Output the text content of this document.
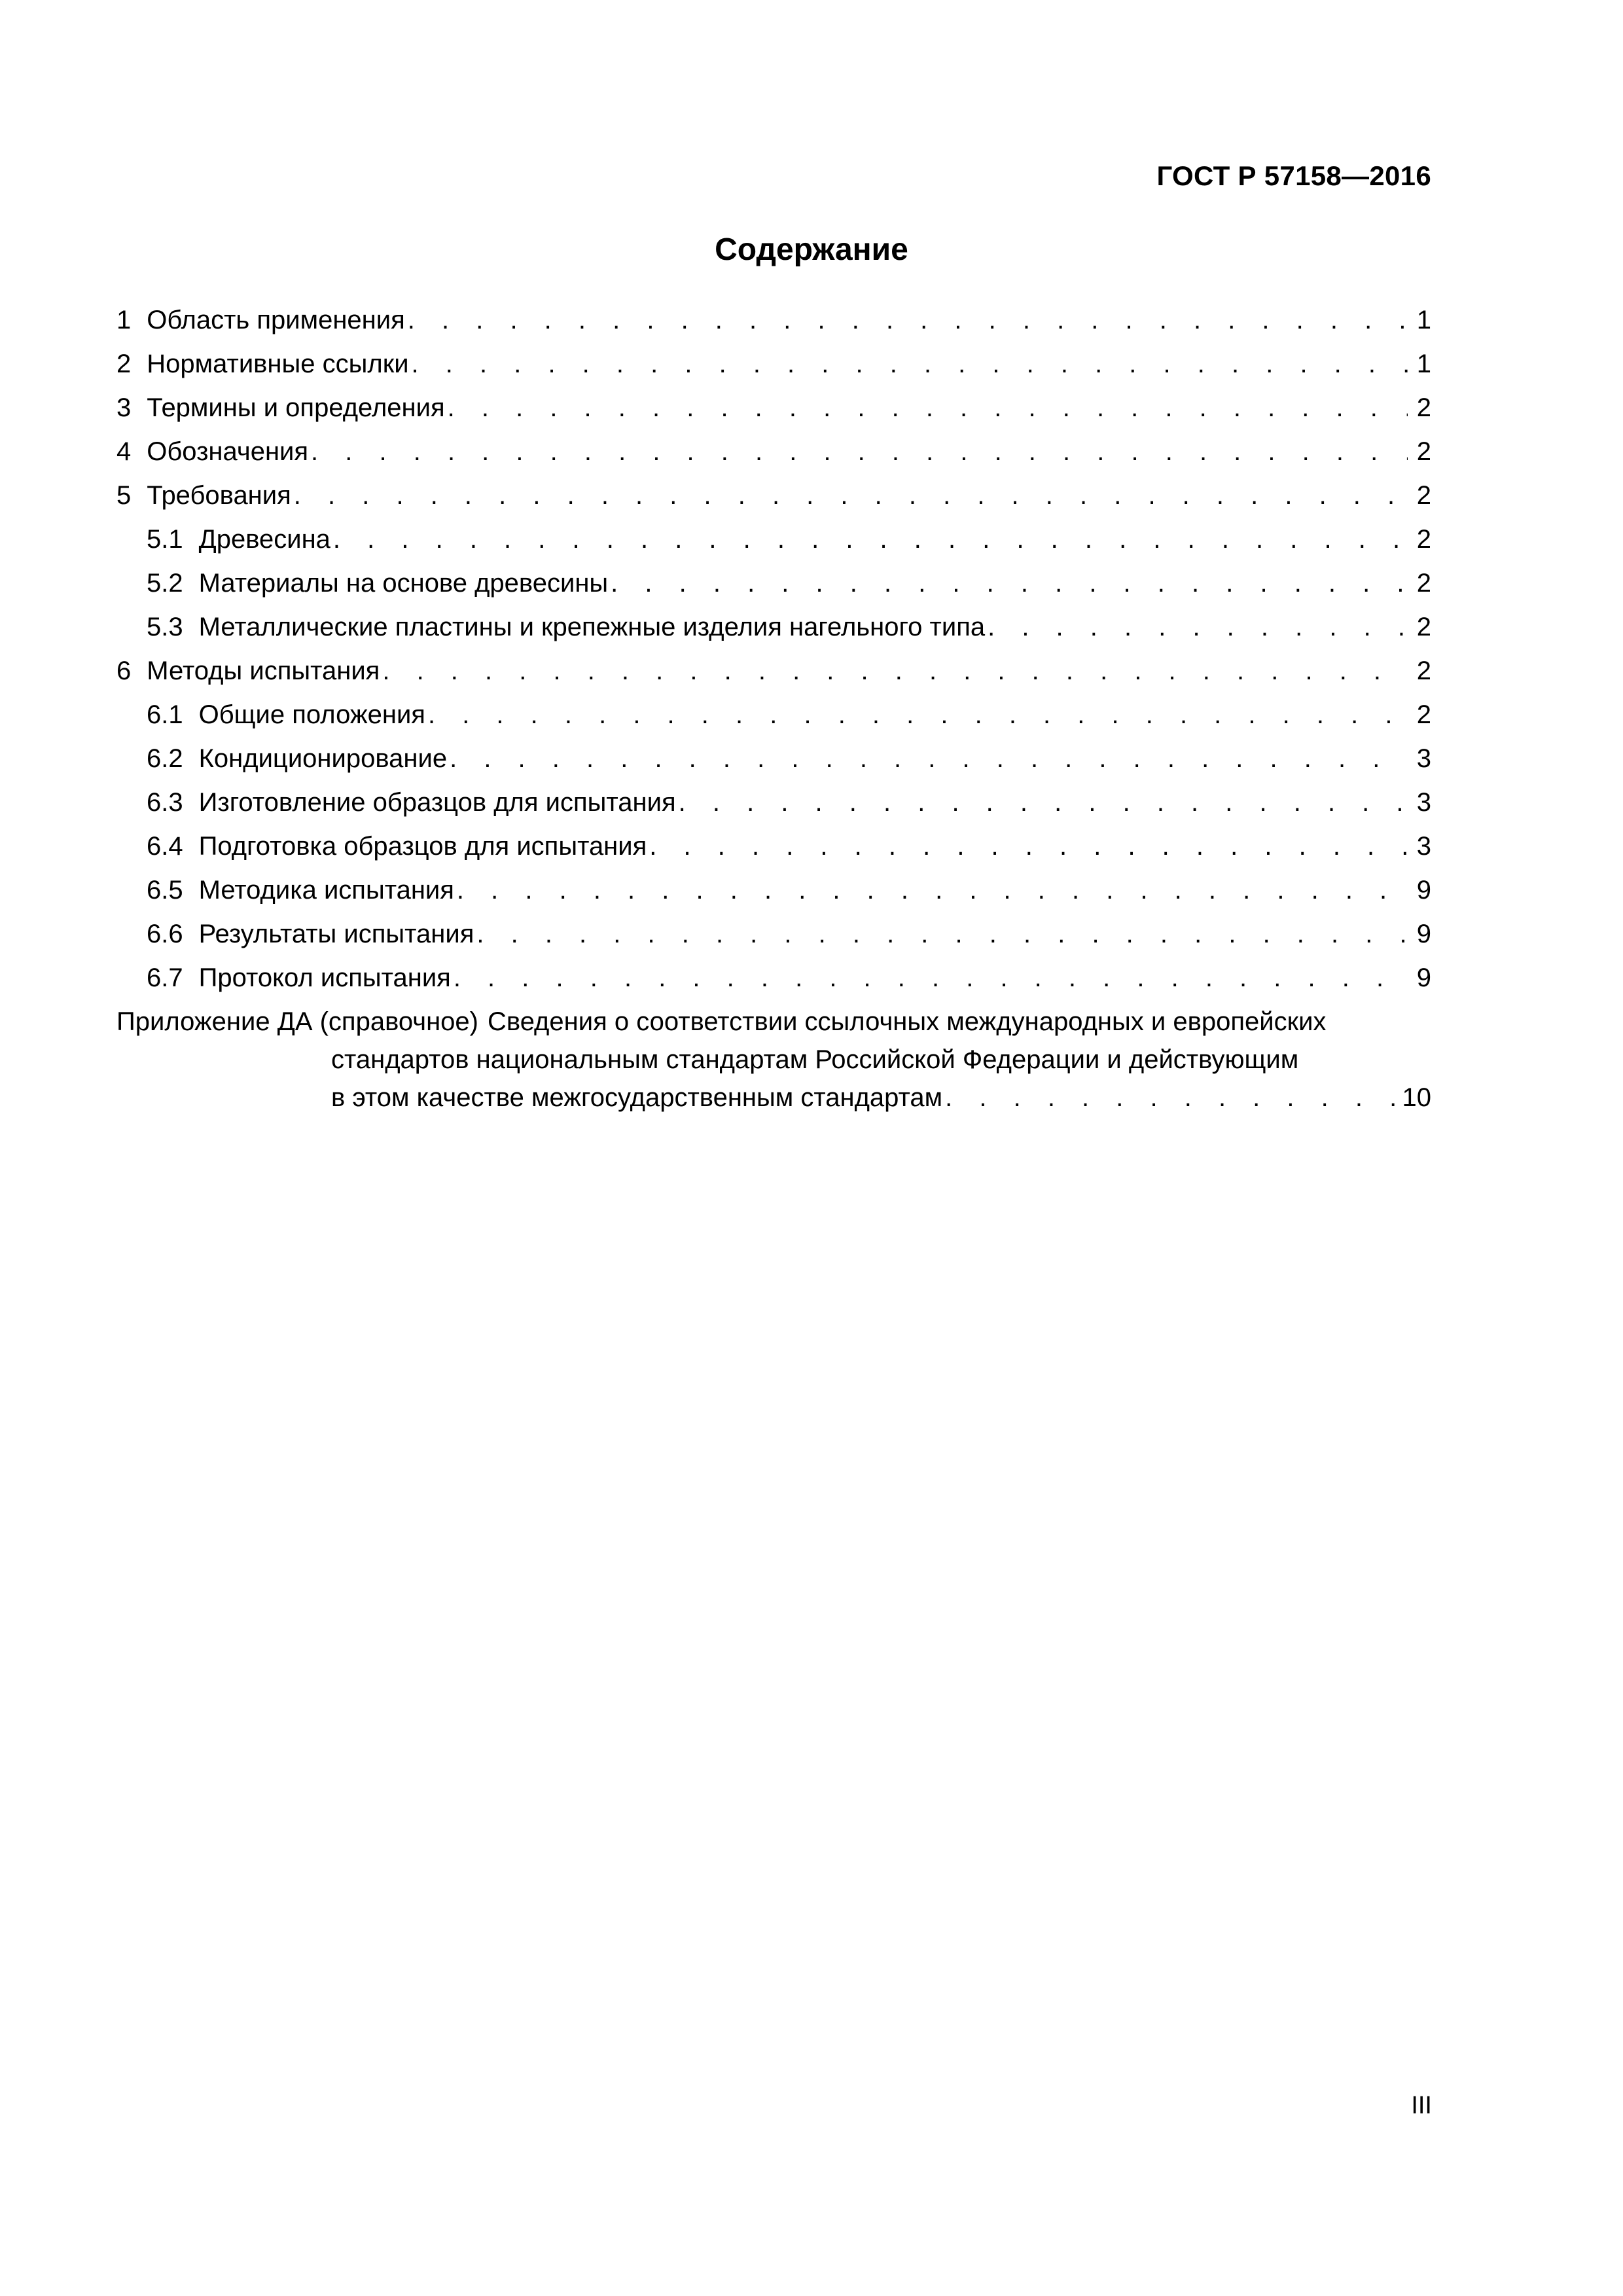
ГОСТ Р 57158—2016
Содержание
1 Область применения . . .	1
2 Нормативные ссылки . . .	1
3 Термины и определения . . .	2
4 Обозначения . . .	2
5 Требования . . .	2
5.1 Древесина . . .	2
5.2 Материалы на основе древесины . . .	2
5.3 Металлические пластины и крепежные изделия нагельного типа . . .	2
6 Методы испытания . . .	2
6.1 Общие положения . . .	2
6.2 Кондиционирование . . .	3
6.3 Изготовление образцов для испытания . . .	3
6.4 Подготовка образцов для испытания . . .	3
6.5 Методика испытания . . .	9
6.6 Результаты испытания . . .	9
6.7 Протокол испытания . . .	9
Приложение ДА (справочное) Сведения о соответствии ссылочных международных и европейских
стандартов национальным стандартам Российской Федерации и действующим
в этом качестве межгосударственным стандартам . . .	10
III
